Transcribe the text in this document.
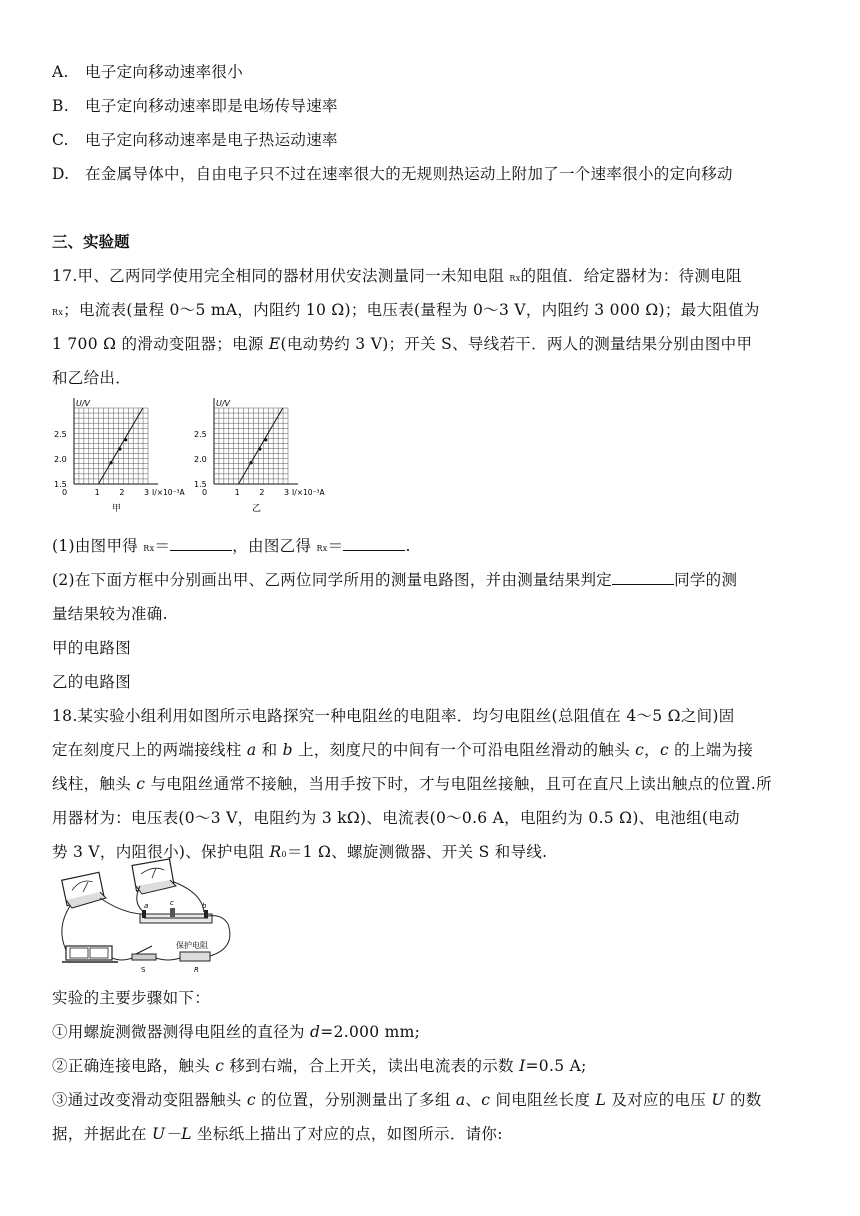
A. 电子定向移动速率很小
B. 电子定向移动速率即是电场传导速率
C. 电子定向移动速率是电子热运动速率
D. 在金属导体中，自由电子只不过在速率很大的无规则热运动上附加了一个速率很小的定向移动
三、实验题
17.甲、乙两同学使用完全相同的器材用伏安法测量同一未知电阻 Rx的阻值．给定器材为：待测电阻
Rx；电流表(量程 0～5 mA，内阻约 10 Ω)；电压表(量程为 0～3 V，内阻约 3 000 Ω)；最大阻值为
1 700 Ω 的滑动变阻器；电源 E(电动势约 3 V)；开关 S、导线若干．两人的测量结果分别由图中甲
和乙给出．
U/V
I/×10⁻³A
2.5
2.0
1.5
0	1 2 3
甲
U/V
I/×10⁻³A
2.5
2.0
1.5
0	1 2 3
乙
(1)由图甲得 Rx＝	，由图乙得 Rx＝	.
(2)在下面方框中分别画出甲、乙两位同学所用的测量电路图，并由测量结果判定	同学的测
量结果较为准确.
甲的电路图
乙的电路图
18.某实验小组利用如图所示电路探究一种电阻丝的电阻率．均匀电阻丝(总阻值在 4～5 Ω之间)固
定在刻度尺上的两端接线柱 a 和 b 上，刻度尺的中间有一个可沿电阻丝滑动的触头 c，c 的上端为接
线柱，触头 c 与电阻丝通常不接触，当用手按下时，才与电阻丝接触，且可在直尺上读出触点的位置.所
用器材为：电压表(0～3 V，电阻约为 3 kΩ)、电流表(0～0.6 A，电阻约为 0.5 Ω)、电池组(电动
势 3 V，内阻很小)、保护电阻 R0＝1 Ω、螺旋测微器、开关 S 和导线.
a	c	b
S
保护电阻
R
实验的主要步骤如下：
①用螺旋测微器测得电阻丝的直径为 d=2.000 mm;
②正确连接电路，触头 c 移到右端，合上开关，读出电流表的示数 I=0.5 A;
③通过改变滑动变阻器触头 c 的位置，分别测量出了多组 a、c 间电阻丝长度 L 及对应的电压 U 的数
据，并据此在 U－L 坐标纸上描出了对应的点，如图所示．请你:
